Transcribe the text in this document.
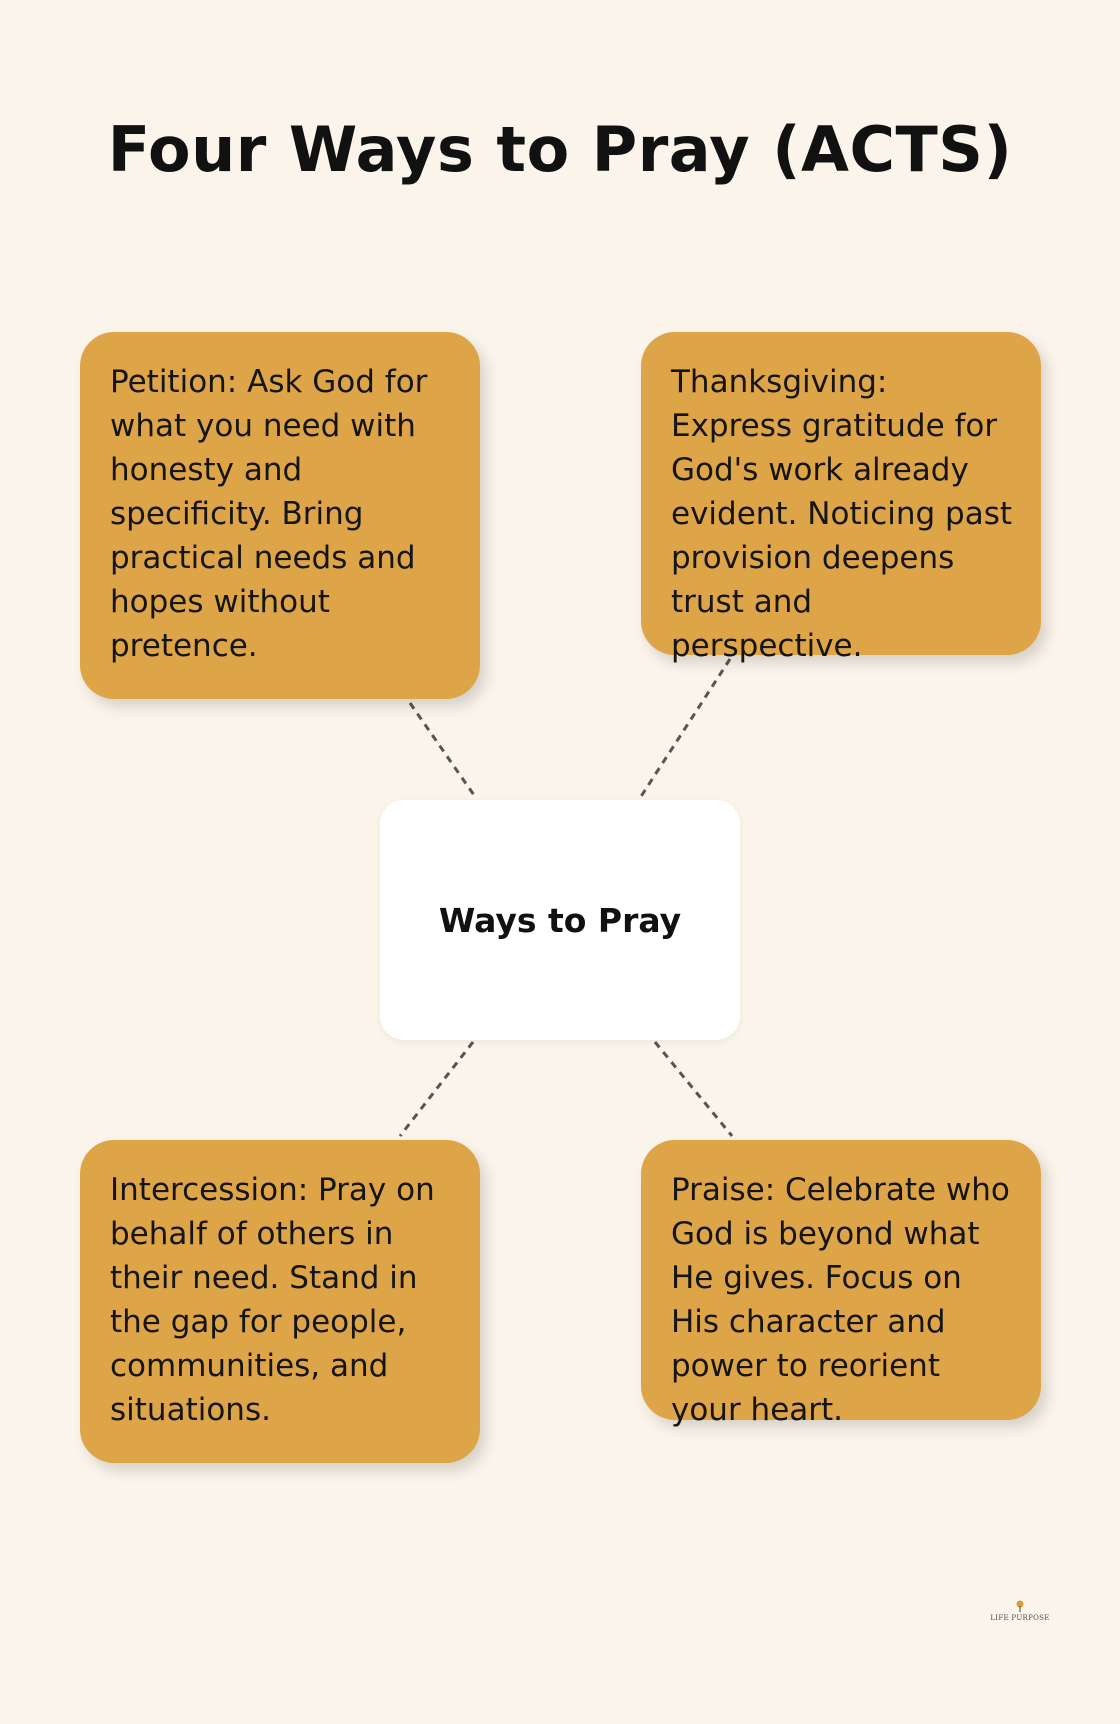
Four Ways to Pray (ACTS)
Petition: Ask God for what you need with honesty and specificity. Bring practical needs and hopes without pretence.
Thanksgiving: Express gratitude for God's work already evident. Noticing past provision deepens trust and perspective.
Intercession: Pray on behalf of others in their need. Stand in the gap for people, communities, and situations.
Praise: Celebrate who God is beyond what He gives. Focus on His character and power to reorient your heart.
Ways to Pray
LIFE PURPOSE
